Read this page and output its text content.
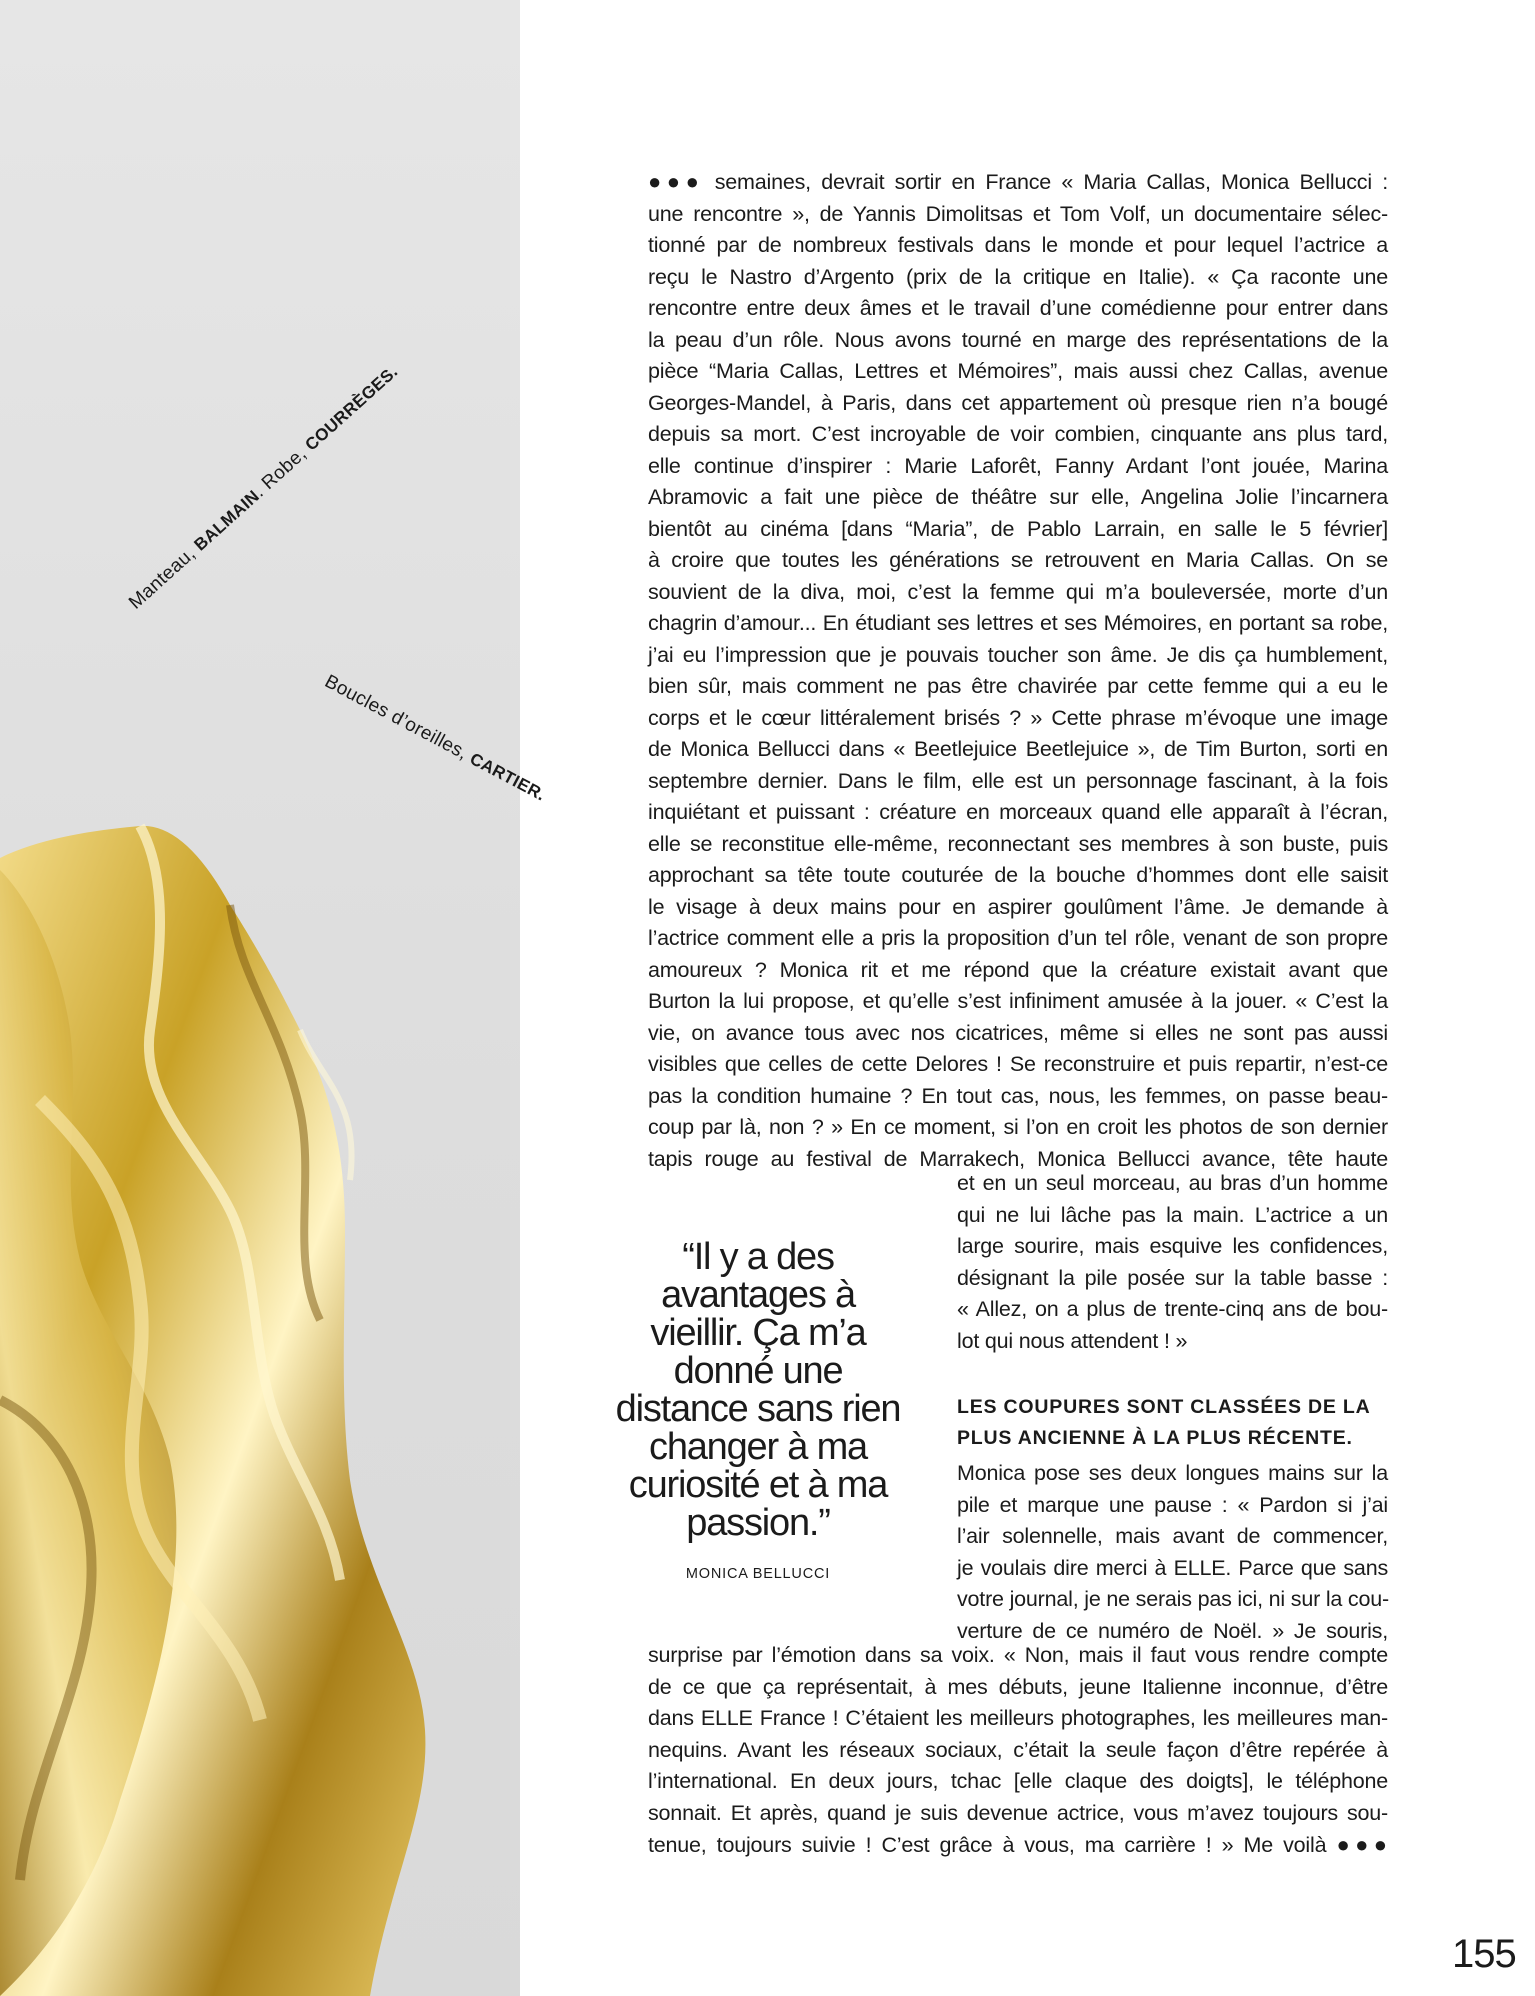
Manteau, BALMAIN. Robe, COURRÈGES.
Boucles d’oreilles, CARTIER.
●●● semaines, devrait sortir en France « Maria Callas, Monica Bellucci :
une rencontre », de Yannis Dimolitsas et Tom Volf, un documentaire sélec-
tionné par de nombreux festivals dans le monde et pour lequel l’actrice a
reçu le Nastro d’Argento (prix de la critique en Italie). « Ça raconte une
rencontre entre deux âmes et le travail d’une comédienne pour entrer dans
la peau d’un rôle. Nous avons tourné en marge des représentations de la
pièce “Maria Callas, Lettres et Mémoires”, mais aussi chez Callas, avenue
Georges-Mandel, à Paris, dans cet appartement où presque rien n’a bougé
depuis sa mort. C’est incroyable de voir combien, cinquante ans plus tard,
elle continue d’inspirer : Marie Laforêt, Fanny Ardant l’ont jouée, Marina
Abramovic a fait une pièce de théâtre sur elle, Angelina Jolie l’incarnera
bientôt au cinéma [dans “Maria”, de Pablo Larrain, en salle le 5 février]
à croire que toutes les générations se retrouvent en Maria Callas. On se
souvient de la diva, moi, c’est la femme qui m’a bouleversée, morte d’un
chagrin d’amour... En étudiant ses lettres et ses Mémoires, en portant sa robe,
j’ai eu l’impression que je pouvais toucher son âme. Je dis ça humblement,
bien sûr, mais comment ne pas être chavirée par cette femme qui a eu le
corps et le cœur littéralement brisés ? » Cette phrase m’évoque une image
de Monica Bellucci dans « Beetlejuice Beetlejuice », de Tim Burton, sorti en
septembre dernier. Dans le film, elle est un personnage fascinant, à la fois
inquiétant et puissant : créature en morceaux quand elle apparaît à l’écran,
elle se reconstitue elle-même, reconnectant ses membres à son buste, puis
approchant sa tête toute couturée de la bouche d’hommes dont elle saisit
le visage à deux mains pour en aspirer goulûment l’âme. Je demande à
l’actrice comment elle a pris la proposition d’un tel rôle, venant de son propre
amoureux ? Monica rit et me répond que la créature existait avant que
Burton la lui propose, et qu’elle s’est infiniment amusée à la jouer. « C’est la
vie, on avance tous avec nos cicatrices, même si elles ne sont pas aussi
visibles que celles de cette Delores ! Se reconstruire et puis repartir, n’est-ce
pas la condition humaine ? En tout cas, nous, les femmes, on passe beau-
coup par là, non ? » En ce moment, si l’on en croit les photos de son dernier
tapis rouge au festival de Marrakech, Monica Bellucci avance, tête haute
et en un seul morceau, au bras d’un homme
qui ne lui lâche pas la main. L’actrice a un
large sourire, mais esquive les confidences,
désignant la pile posée sur la table basse :
« Allez, on a plus de trente-cinq ans de bou-
lot qui nous attendent ! »
LES COUPURES SONT CLASSÉES DE LA
PLUS ANCIENNE À LA PLUS RÉCENTE.
Monica pose ses deux longues mains sur la
pile et marque une pause : « Pardon si j’ai
l’air solennelle, mais avant de commencer,
je voulais dire merci à ELLE. Parce que sans
votre journal, je ne serais pas ici, ni sur la cou-
verture de ce numéro de Noël. » Je souris,
surprise par l’émotion dans sa voix. « Non, mais il faut vous rendre compte
de ce que ça représentait, à mes débuts, jeune Italienne inconnue, d’être
dans ELLE France ! C’étaient les meilleurs photographes, les meilleures man-
nequins. Avant les réseaux sociaux, c’était la seule façon d’être repérée à
l’international. En deux jours, tchac [elle claque des doigts], le téléphone
sonnait. Et après, quand je suis devenue actrice, vous m’avez toujours sou-
tenue, toujours suivie ! C’est grâce à vous, ma carrière ! » Me voilà ●●●
“Il y a des
avantages à
vieillir. Ça m’a
donné une
distance sans rien
changer à ma
curiosité et à ma
passion.”
MONICA BELLUCCI
155
